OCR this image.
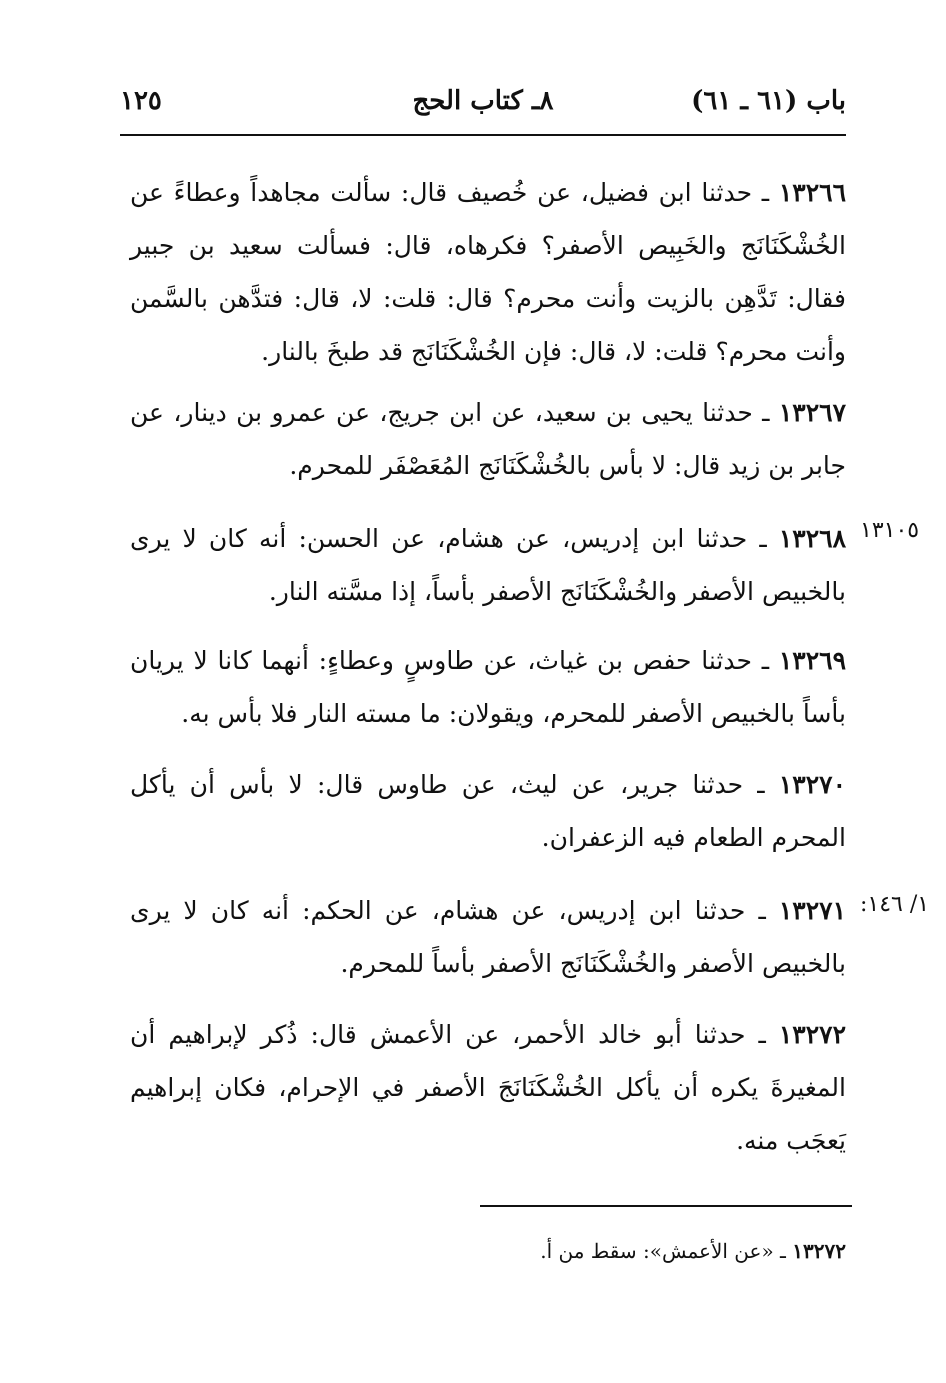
باب (٦١ ـ ٦١)
٨ـ كتاب الحج
١٢٥
١٣٢٦٦ ـ حدثنا ابن فضيل، عن خُصيف قال: سألت مجاهداً وعطاءً عن الخُشْكَنَانَج والخَبِيص الأصفر؟ فكرهاه، قال: فسألت سعيد بن جبير فقال: تَدَّهِن بالزيت وأنت محرم؟ قال: قلت: لا، قال: فتدَّهن بالسَّمن وأنت محرم؟ قلت: لا، قال: فإن الخُشْكَنَانَج قد طبخَ بالنار.
١٣٢٦٧ ـ حدثنا يحيى بن سعيد، عن ابن جريج، عن عمرو بن دينار، عن جابر بن زيد قال: لا بأس بالخُشْكَنَانَج المُعَصْفَر للمحرم.
١٣١٠٥
١٣٢٦٨ ـ حدثنا ابن إدريس، عن هشام، عن الحسن: أنه كان لا يرى بالخبيص الأصفر والخُشْكَنَانَج الأصفر بأساً، إذا مسَّته النار.
١٣٢٦٩ ـ حدثنا حفص بن غياث، عن طاوسٍ وعطاءٍ: أنهما كانا لا يريان بأساً بالخبيص الأصفر للمحرم، ويقولان: ما مسته النار فلا بأس به.
١٣٢٧٠ ـ حدثنا جرير، عن ليث، عن طاوس قال: لا بأس أن يأكل المحرم الطعام فيه الزعفران.
١/ ١٤٦:
١٣٢٧١ ـ حدثنا ابن إدريس، عن هشام، عن الحكم: أنه كان لا يرى بالخبيص الأصفر والخُشْكَنَانَج الأصفر بأساً للمحرم.
١٣٢٧٢ ـ حدثنا أبو خالد الأحمر، عن الأعمش قال: ذُكر لإبراهيم أن المغيرةَ يكره أن يأكل الخُشْكَنَانَجَ الأصفر في الإحرام، فكان إبراهيم يَعجَب منه.
١٣٢٧٢ ـ «عن الأعمش»: سقط من أ.
